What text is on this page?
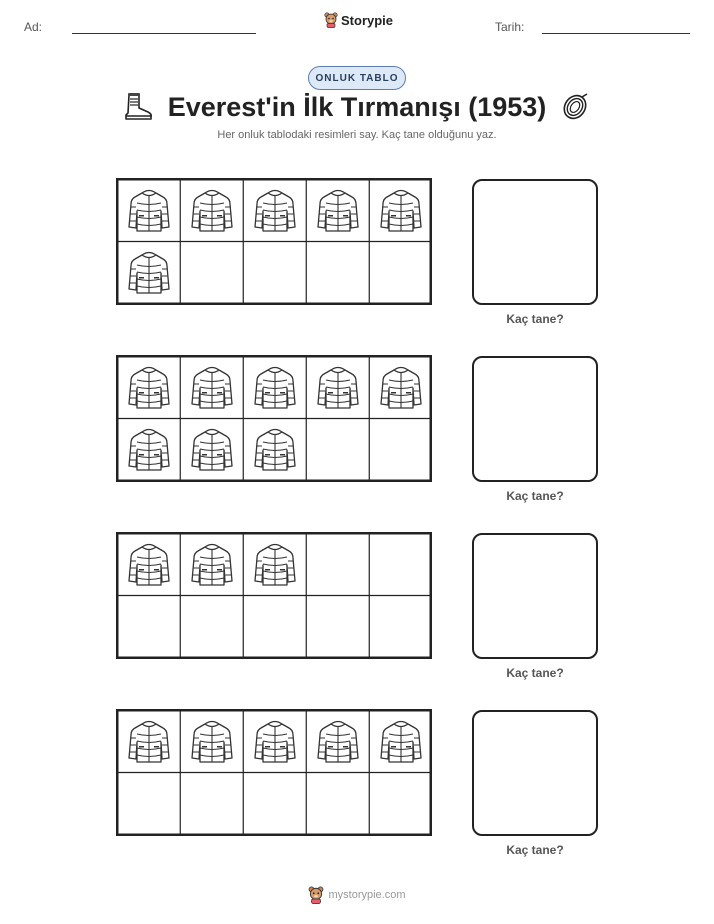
Ad:	Storypie	Tarih:
ONLUK TABLO
Everest'in İlk Tırmanışı (1953)
Her onluk tablodaki resimleri say. Kaç tane olduğunu yaz.
Kaç tane?
Kaç tane?
Kaç tane?
Kaç tane?
mystorypie.com
